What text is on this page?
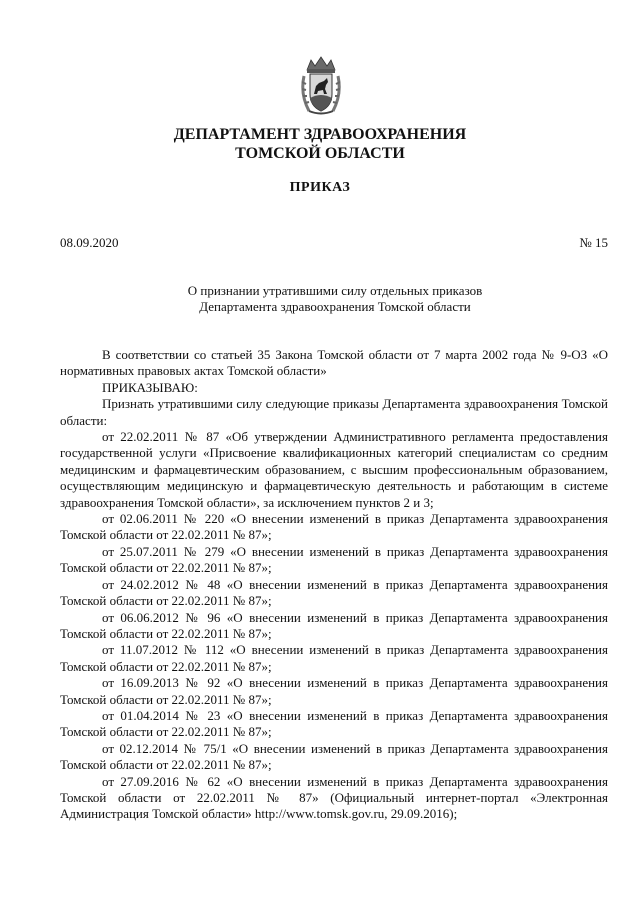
ДЕПАРТАМЕНТ ЗДРАВООХРАНЕНИЯ
ТОМСКОЙ ОБЛАСТИ
ПРИКАЗ
08.09.2020	№ 15
О признании утратившими силу отдельных приказов
Департамента здравоохранения Томской области

В соответствии со статьей 35 Закона Томской области от 7 марта 2002 года № 9-ОЗ «О нормативных правовых актах Томской области»

ПРИКАЗЫВАЮ:

Признать утратившими силу следующие приказы Департамента здравоохранения Томской области:

от 22.02.2011 № 87 «Об утверждении Административного регламента предоставления государственной услуги «Присвоение квалификационных категорий специалистам со средним медицинским и фармацевтическим образованием, с высшим профессиональным образованием, осуществляющим медицинскую и фармацевтическую деятельность и работающим в системе здравоохранения Томской области», за исключением пунктов 2 и 3;

от 02.06.2011 № 220 «О внесении изменений в приказ Департамента здравоохранения Томской области от 22.02.2011 № 87»;

от 25.07.2011 № 279 «О внесении изменений в приказ Департамента здравоохранения Томской области от 22.02.2011 № 87»;

от 24.02.2012 № 48 «О внесении изменений в приказ Департамента здравоохранения Томской области от 22.02.2011 № 87»;

от 06.06.2012 № 96 «О внесении изменений в приказ Департамента здравоохранения Томской области от 22.02.2011 № 87»;

от 11.07.2012 № 112 «О внесении изменений в приказ Департамента здравоохранения Томской области от 22.02.2011 № 87»;

от 16.09.2013 № 92 «О внесении изменений в приказ Департамента здравоохранения Томской области от 22.02.2011 № 87»;

от 01.04.2014 № 23 «О внесении изменений в приказ Департамента здравоохранения Томской области от 22.02.2011 № 87»;

от 02.12.2014 № 75/1 «О внесении изменений в приказ Департамента здравоохранения Томской области от 22.02.2011 № 87»;

от 27.09.2016 № 62 «О внесении изменений в приказ Департамента здравоохранения Томской области от 22.02.2011 № 87» (Официальный интернет-портал «Электронная Администрация Томской области» http://www.tomsk.gov.ru, 29.09.2016);
